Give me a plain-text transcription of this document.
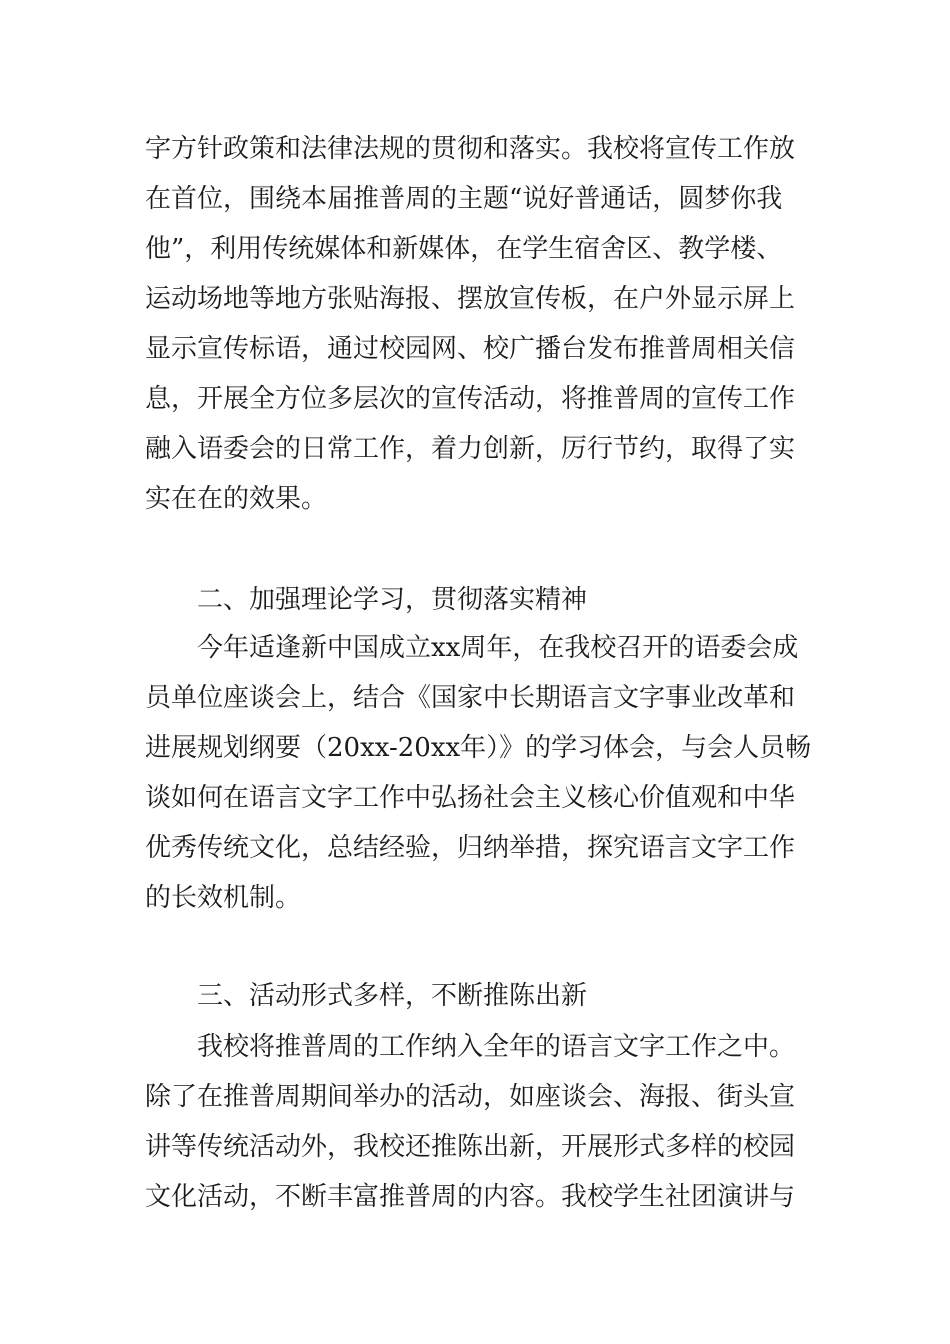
字方针政策和法律法规的贯彻和落实。我校将宣传工作放
在首位，围绕本届推普周的主题“说好普通话，圆梦你我
他”，利用传统媒体和新媒体，在学生宿舍区、教学楼、
运动场地等地方张贴海报、摆放宣传板，在户外显示屏上
显示宣传标语，通过校园网、校广播台发布推普周相关信
息，开展全方位多层次的宣传活动，将推普周的宣传工作
融入语委会的日常工作，着力创新，厉行节约，取得了实
实在在的效果。
二、加强理论学习，贯彻落实精神
今年适逢新中国成立xx周年，在我校召开的语委会成
员单位座谈会上，结合《国家中长期语言文字事业改革和
进展规划纲要（20xx-20xx年）》的学习体会，与会人员畅
谈如何在语言文字工作中弘扬社会主义核心价值观和中华
优秀传统文化，总结经验，归纳举措，探究语言文字工作
的长效机制。
三、活动形式多样，不断推陈出新
我校将推普周的工作纳入全年的语言文字工作之中。
除了在推普周期间举办的活动，如座谈会、海报、街头宣
讲等传统活动外，我校还推陈出新，开展形式多样的校园
文化活动，不断丰富推普周的内容。我校学生社团演讲与
